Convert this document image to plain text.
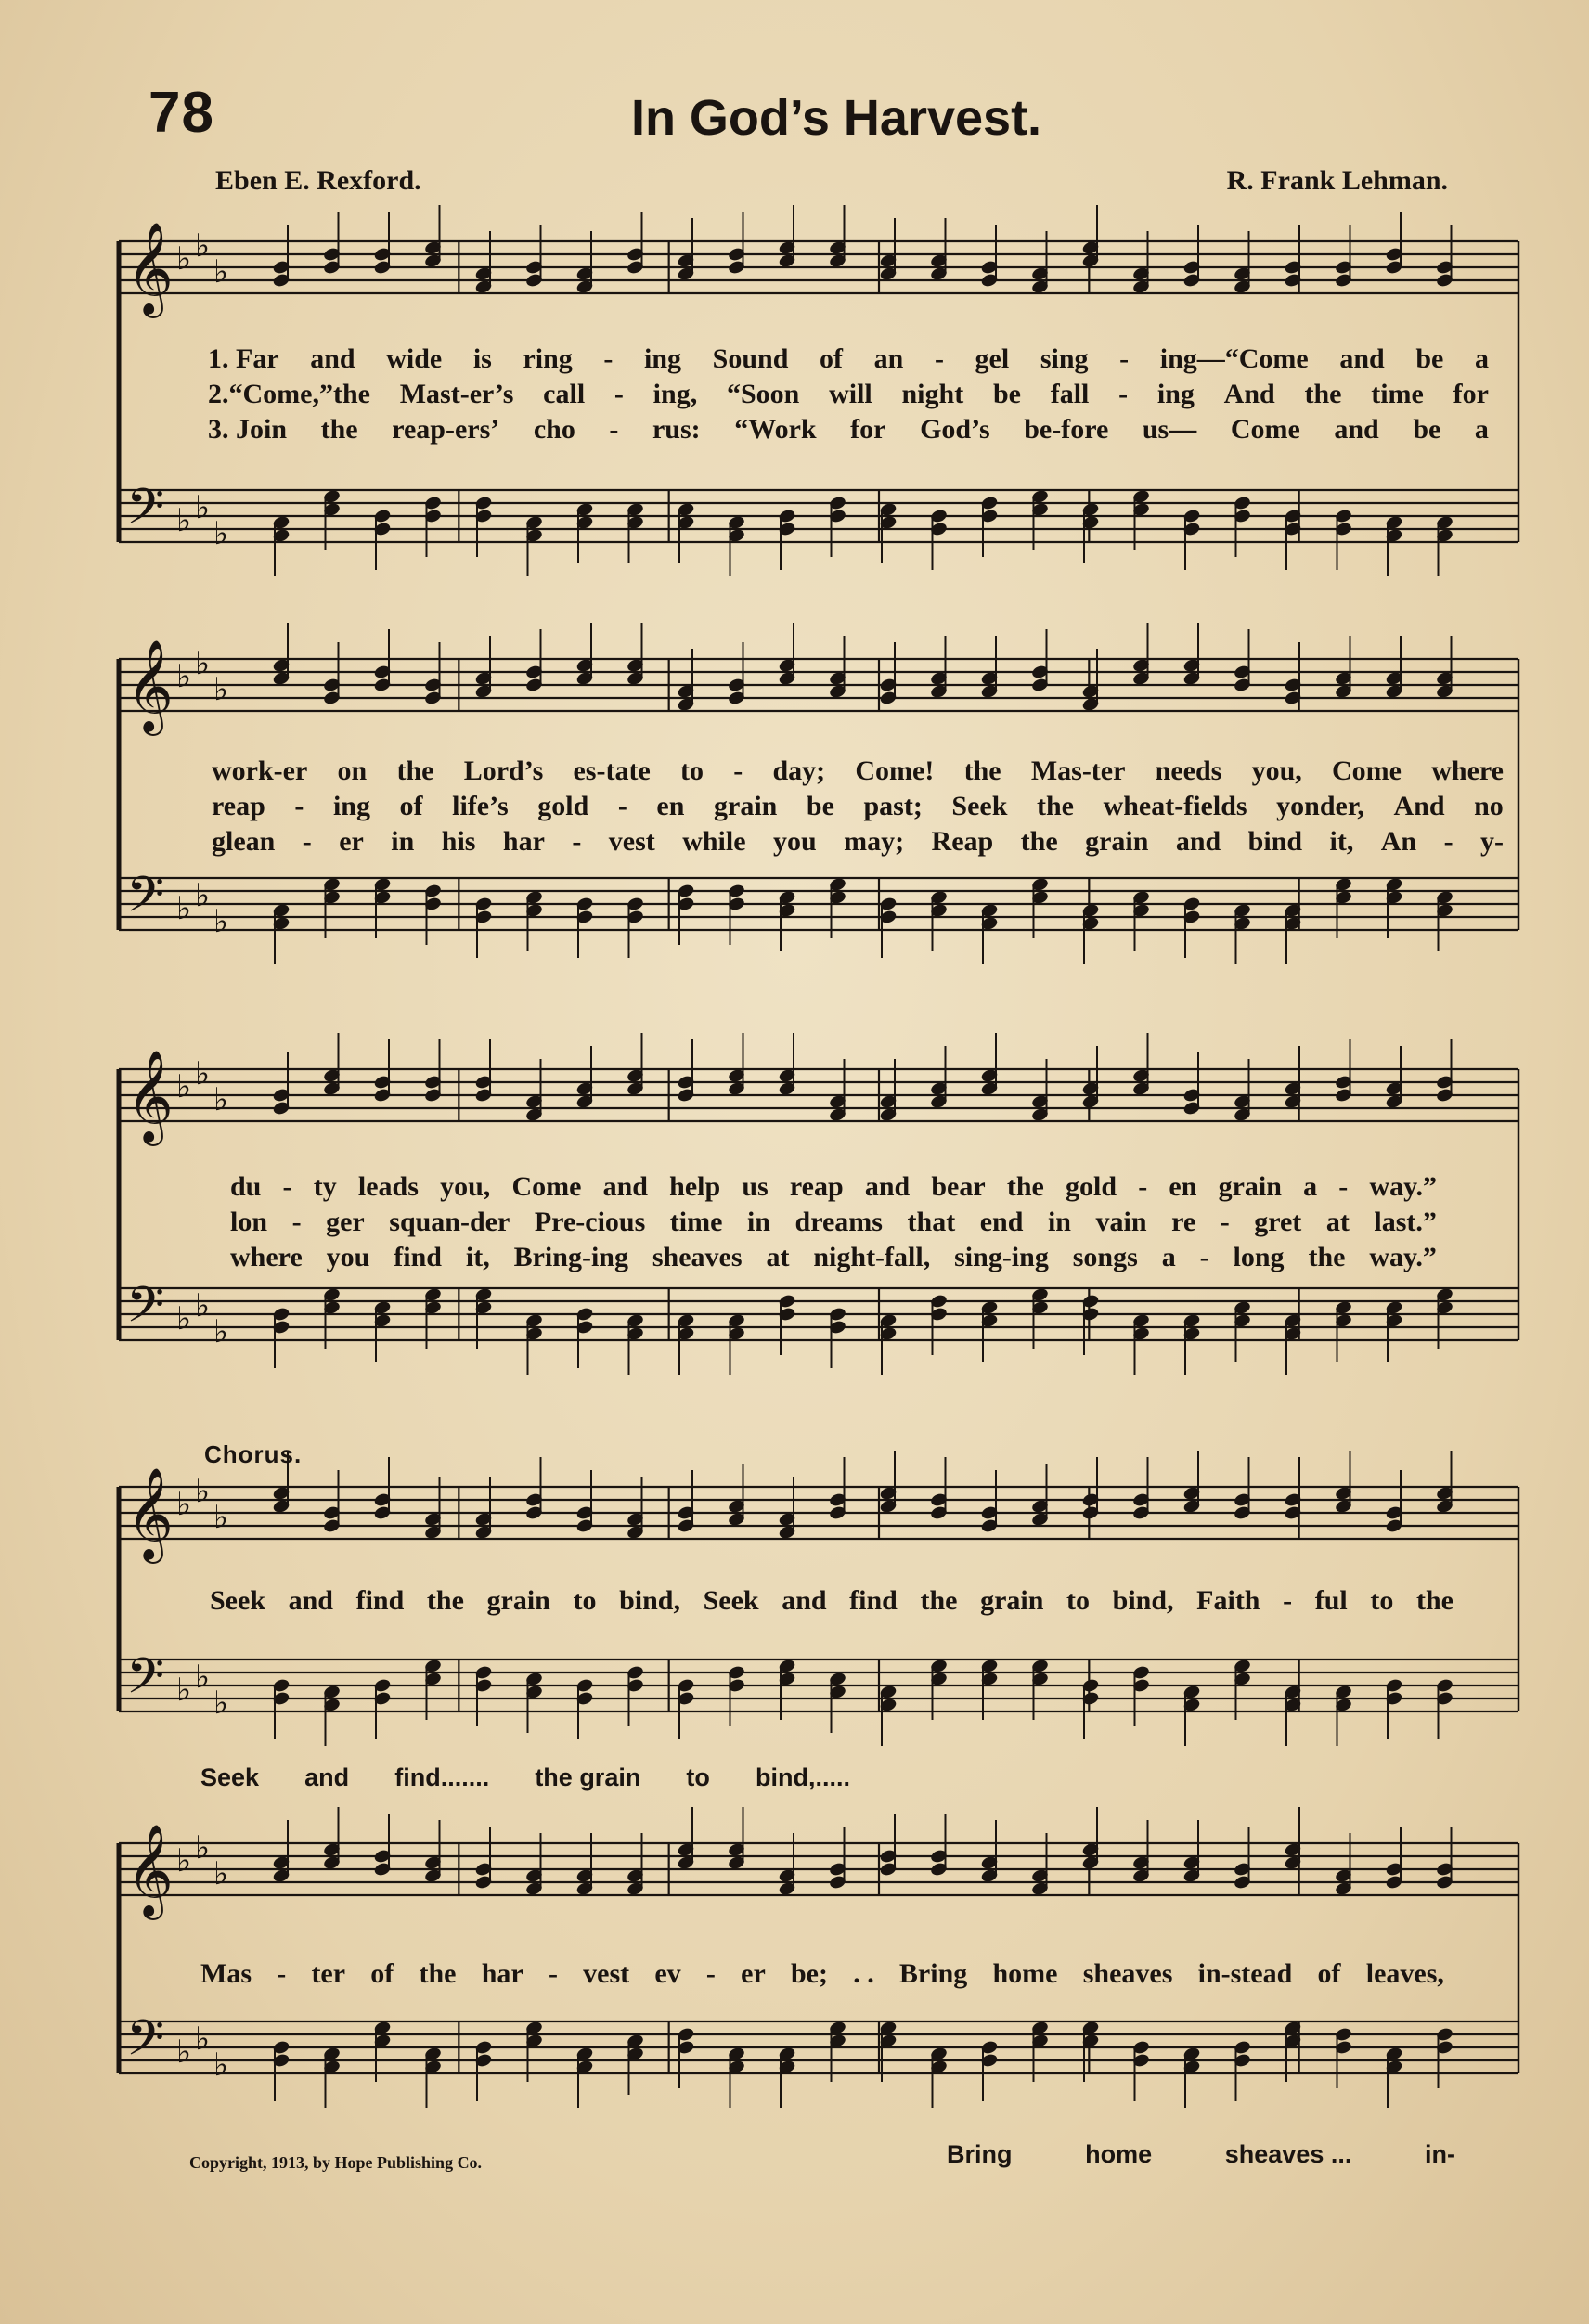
78	In God’s Harvest.
Eben E. Rexford.	R. Frank Lehman.
𝄞 ♭ ♭
♭
𝄢 ♭ ♭
♭
1. Far and wide is ring - ing Sound of an - gel sing - ing—“Come and be a
2.“Come,”the Mast-er’s call - ing, “Soon will night be fall - ing And the time for
3. Join the reap-ers’ cho - rus: “Work for God’s be-fore us— Come and be a
𝄞 ♭ ♭
♭
𝄢 ♭ ♭
♭
work-er on the Lord’s es-tate to - day; Come! the Mas-ter needs you, Come where
reap - ing of life’s gold - en grain be past; Seek the wheat-fields yonder, And no
glean - er in his har - vest while you may; Reap the grain and bind it, An - y-
𝄞 ♭ ♭
♭
𝄢 ♭ ♭
♭
du - ty leads you, Come and help us reap and bear the gold - en grain a - way.”
lon - ger squan-der Pre-cious time in dreams that end in vain re - gret at last.”
where you find it, Bring-ing sheaves at night-fall, sing-ing songs a - long the way.”
Chorus.
𝄞 ♭ ♭
♭
𝄢 ♭ ♭
♭
Seek and find the grain to bind, Seek and find the grain to bind, Faith - ful to the
Seek and find....... the grain to bind,.....
𝄞 ♭ ♭
♭
𝄢 ♭ ♭
♭
Mas - ter of the har - vest ev - er be; . . Bring home sheaves in-stead of leaves,
Bring	home	sheaves ...	in-
Copyright, 1913, by Hope Publishing Co.
